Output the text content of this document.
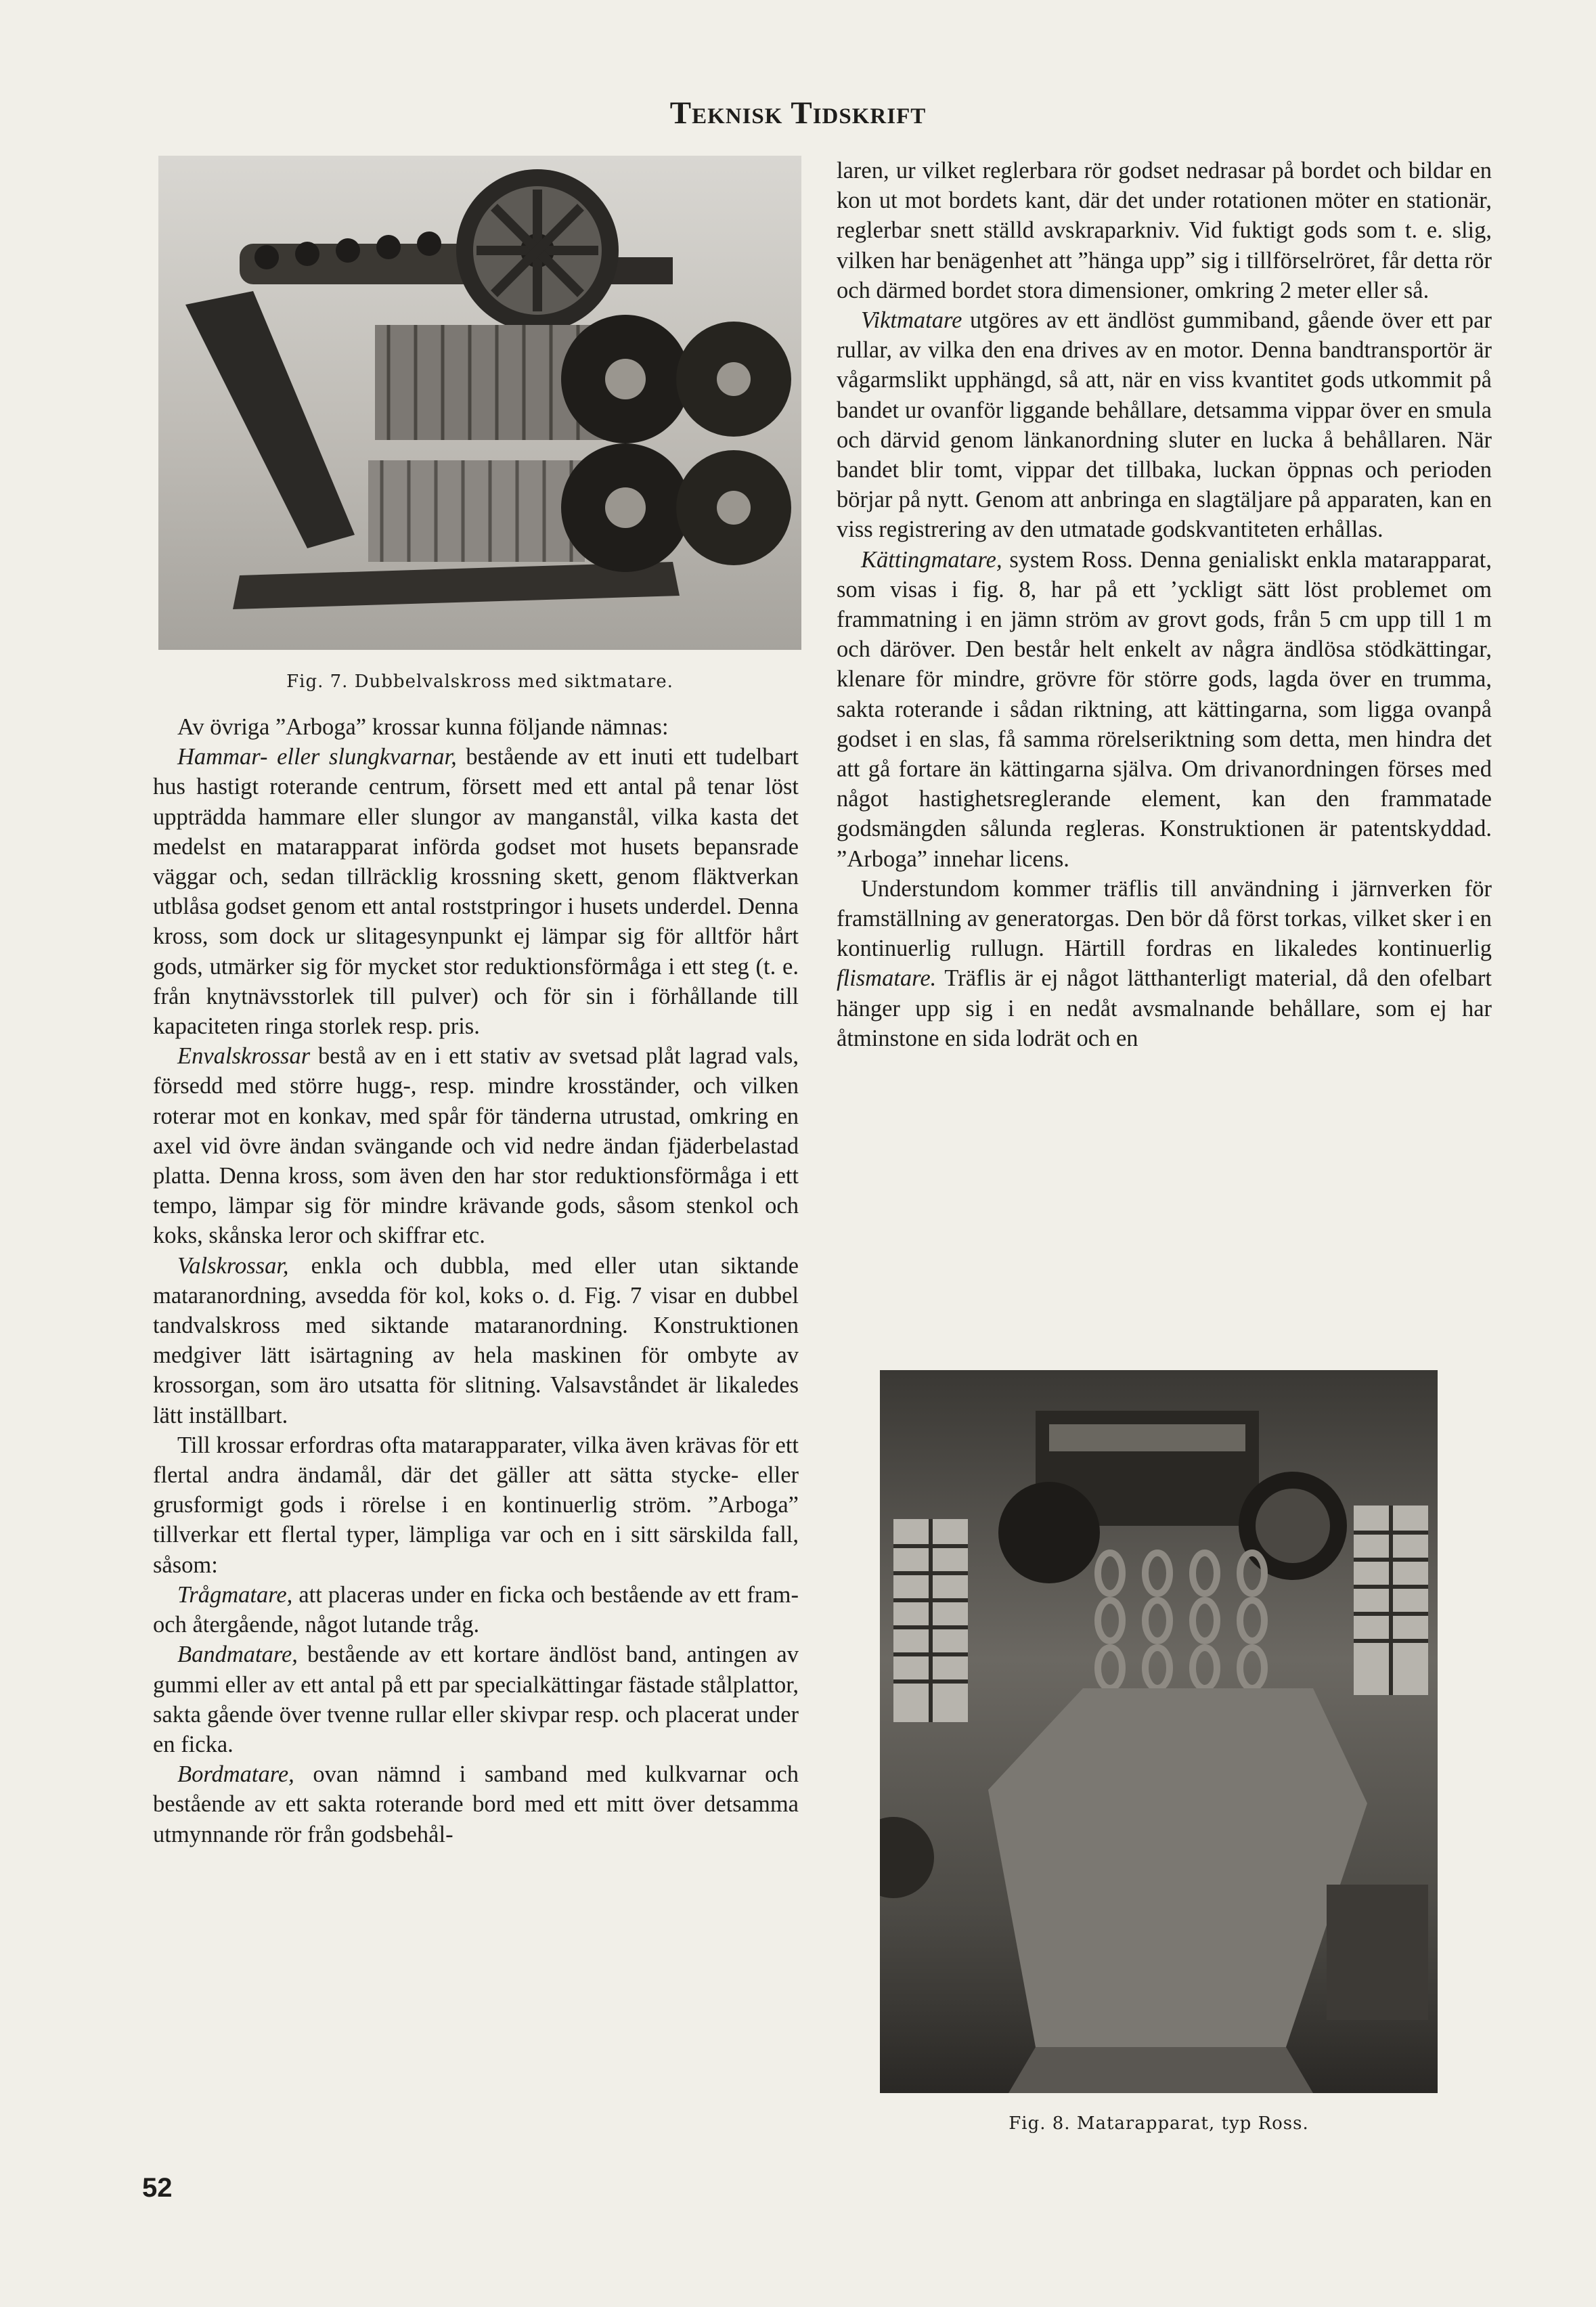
Teknisk Tidskrift
Fig. 7. Dubbelvalskross med siktmatare.

Av övriga ”Arboga” krossar kunna följande nämnas:

Hammar- eller slungkvarnar, bestående av ett inuti ett tudelbart hus hastigt roterande centrum, försett med ett antal på tenar löst uppträdda hammare eller slungor av manganstål, vilka kasta det medelst en matarapparat införda godset mot husets bepansrade väggar och, sedan tillräcklig krossning skett, genom fläktverkan utblåsa godset genom ett antal roststpringor i husets underdel. Denna kross, som dock ur slitagesynpunkt ej lämpar sig för alltför hårt gods, utmärker sig för mycket stor reduktionsförmåga i ett steg (t. e. från knytnävsstorlek till pulver) och för sin i förhållande till kapaciteten ringa storlek resp. pris.

Envalskrossar bestå av en i ett stativ av svetsad plåt lagrad vals, försedd med större hugg-, resp. mindre krosständer, och vilken roterar mot en konkav, med spår för tänderna utrustad, omkring en axel vid övre ändan svängande och vid nedre ändan fjäderbelastad platta. Denna kross, som även den har stor reduktionsförmåga i ett tempo, lämpar sig för mindre krävande gods, såsom stenkol och koks, skånska leror och skiffrar etc.

Valskrossar, enkla och dubbla, med eller utan siktande mataranordning, avsedda för kol, koks o. d. Fig. 7 visar en dubbel tandvalskross med siktande mataranordning. Konstruktionen medgiver lätt isärtagning av hela maskinen för ombyte av krossorgan, som äro utsatta för slitning. Valsavståndet är likaledes lätt inställbart.

Till krossar erfordras ofta matarapparater, vilka även krävas för ett flertal andra ändamål, där det gäller att sätta stycke- eller grusformigt gods i rörelse i en kontinuerlig ström. ”Arboga” tillverkar ett flertal typer, lämpliga var och en i sitt särskilda fall, såsom:

Trågmatare, att placeras under en ficka och bestående av ett fram- och återgående, något lutande tråg.

Bandmatare, bestående av ett kortare ändlöst band, antingen av gummi eller av ett antal på ett par specialkättingar fästade stålplattor, sakta gående över tvenne rullar eller skivpar resp. och placerat under en ficka.

Bordmatare, ovan nämnd i samband med kulkvarnar och bestående av ett sakta roterande bord med ett mitt över detsamma utmynnande rör från godsbehål-

laren, ur vilket reglerbara rör godset nedrasar på bordet och bildar en kon ut mot bordets kant, där det under rotationen möter en stationär, reglerbar snett ställd avskraparkniv. Vid fuktigt gods som t. e. slig, vilken har benägenhet att ”hänga upp” sig i tillförselröret, får detta rör och därmed bordet stora dimensioner, omkring 2 meter eller så.

Viktmatare utgöres av ett ändlöst gummiband, gående över ett par rullar, av vilka den ena drives av en motor. Denna bandtransportör är vågarmslikt upphängd, så att, när en viss kvantitet gods utkommit på bandet ur ovanför liggande behållare, detsamma vippar över en smula och därvid genom länkanordning sluter en lucka å behållaren. När bandet blir tomt, vippar det tillbaka, luckan öppnas och perioden börjar på nytt. Genom att anbringa en slagtäljare på apparaten, kan en viss registrering av den utmatade godskvantiteten erhållas.

Kättingmatare, system Ross. Denna genialiskt enkla matarapparat, som visas i fig. 8, har på ett ’yckligt sätt löst problemet om frammatning i en jämn ström av grovt gods, från 5 cm upp till 1 m och däröver. Den består helt enkelt av några ändlösa stödkättingar, klenare för mindre, grövre för större gods, lagda över en trumma, sakta roterande i sådan riktning, att kättingarna, som ligga ovanpå godset i en slas, få samma rörelseriktning som detta, men hindra det att gå fortare än kättingarna själva. Om drivanordningen förses med något hastighetsreglerande element, kan den frammatade godsmängden sålunda regleras. Konstruktionen är patentskyddad. ”Arboga” innehar licens.

Understundom kommer träflis till användning i järnverken för framställning av generatorgas. Den bör då först torkas, vilket sker i en kontinuerlig rullugn. Härtill fordras en likaledes kontinuerlig flismatare. Träflis är ej något lätthanterligt material, då den ofelbart hänger upp sig i en nedåt avsmalnande behållare, som ej har åtminstone en sida lodrät och en

Fig. 8. Matarapparat, typ Ross.
52
